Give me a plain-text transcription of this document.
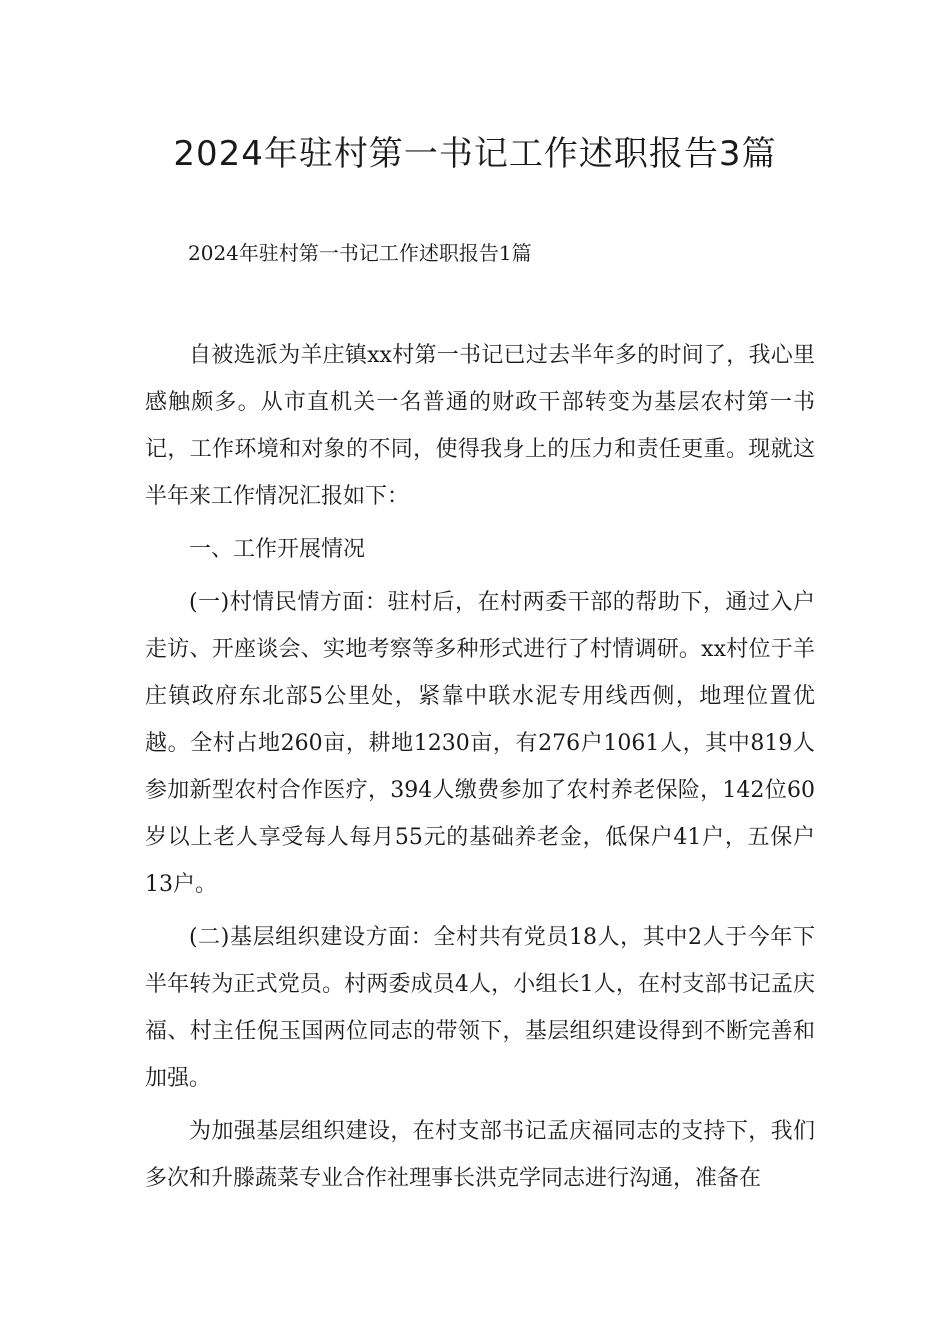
2024年驻村第一书记工作述职报告3篇
2024年驻村第一书记工作述职报告1篇

自被选派为羊庄镇xx村第一书记已过去半年多的时间了，我心里感触颇多。从市直机关一名普通的财政干部转变为基层农村第一书记，工作环境和对象的不同，使得我身上的压力和责任更重。现就这半年来工作情况汇报如下：

一、工作开展情况

(一)村情民情方面：驻村后，在村两委干部的帮助下，通过入户走访、开座谈会、实地考察等多种形式进行了村情调研。xx村位于羊庄镇政府东北部5公里处，紧靠中联水泥专用线西侧，地理位置优越。全村占地260亩，耕地1230亩，有276户1061人，其中819人参加新型农村合作医疗，394人缴费参加了农村养老保险，142位60岁以上老人享受每人每月55元的基础养老金，低保户41户，五保户13户。

(二)基层组织建设方面：全村共有党员18人，其中2人于今年下半年转为正式党员。村两委成员4人，小组长1人，在村支部书记孟庆福、村主任倪玉国两位同志的带领下，基层组织建设得到不断完善和加强。

为加强基层组织建设，在村支部书记孟庆福同志的支持下，我们多次和升滕蔬菜专业合作社理事长洪克学同志进行沟通，准备在
